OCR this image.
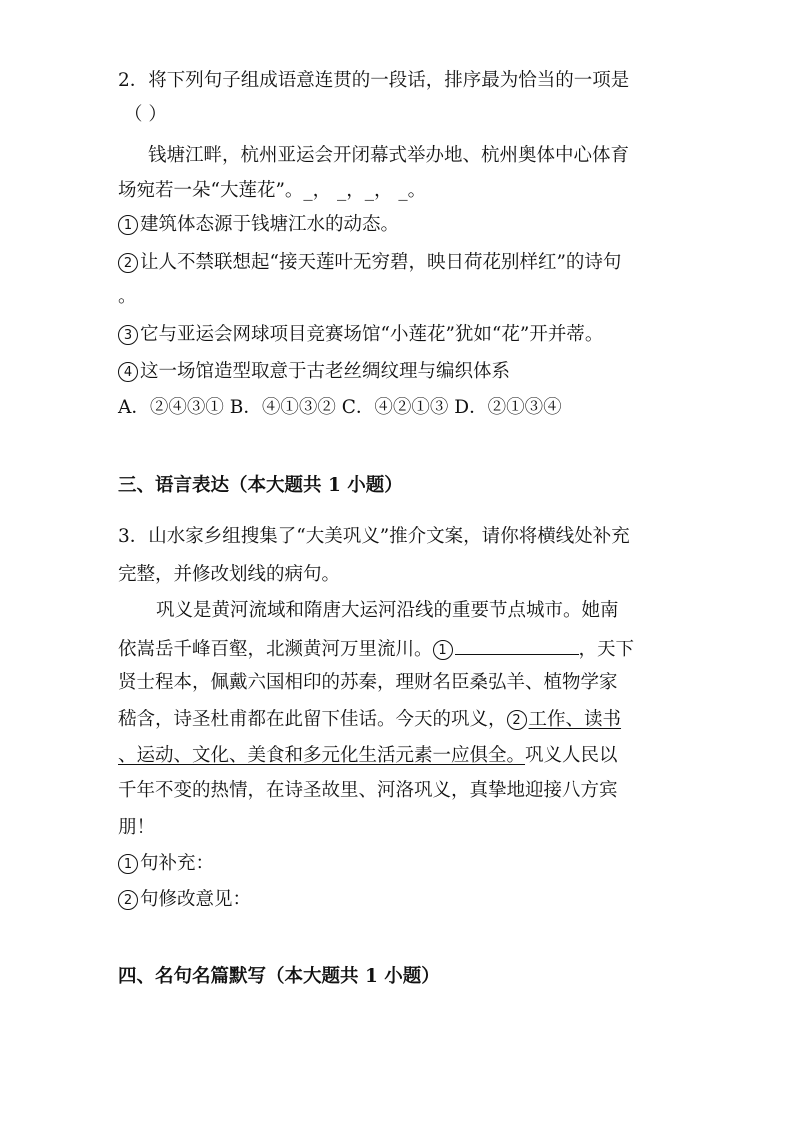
2．将下列句子组成语意连贯的一段话，排序最为恰当的一项是
（ ）
钱塘江畔，杭州亚运会开闭幕式举办地、杭州奥体中心体育
场宛若一朵“大莲花”。_， _，_， _。
1 建筑体态源于钱塘江水的动态。
2 让人不禁联想起“接天莲叶无穷碧，映日荷花别样红”的诗句
。
3 它与亚运会网球项目竞赛场馆“小莲花”犹如“花”开并蒂。
4 这一场馆造型取意于古老丝绸纹理与编织体系
A．②④③① B．④①③② C．④②①③ D．②①③④
三、语言表达（本大题共 1 小题）
3．山水家乡组搜集了“大美巩义”推介文案，请你将横线处补充
完整，并修改划线的病句。
巩义是黄河流域和隋唐大运河沿线的重要节点城市。她南
依嵩岳千峰百壑，北濒黄河万里流川。 1	，天下
贤士程本，佩戴六国相印的苏秦，理财名臣桑弘羊、植物学家
嵇含，诗圣杜甫都在此留下佳话。今天的巩义， 2 工作、读书
、运动、文化、美食和多元化生活元素一应俱全。巩义人民以
千年不变的热情，在诗圣故里、河洛巩义，真挚地迎接八方宾
朋！
1 句补充：
2 句修改意见：
四、名句名篇默写（本大题共 1 小题）
